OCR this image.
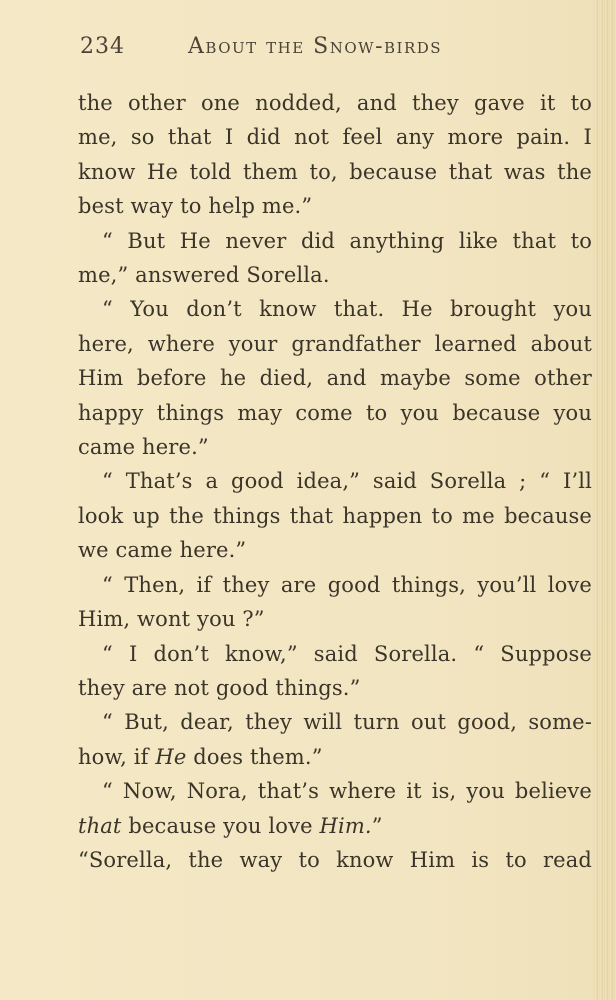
234	About the Snow-birds
the other one nodded, and they gave it to
me, so that I did not feel any more pain. I
know He told them to, because that was the
best way to help me.”
“ But He never did anything like that to
me,” answered Sorella.
“ You don’t know that. He brought you
here, where your grandfather learned about
Him before he died, and maybe some other
happy things may come to you because you
came here.”
“ That’s a good idea,” said Sorella ; “ I’ll
look up the things that happen to me because
we came here.”
“ Then, if they are good things, you’ll love
Him, wont you ?”
“ I don’t know,” said Sorella. “ Suppose
they are not good things.”
“ But, dear, they will turn out good, some-
how, if He does them.”
“ Now, Nora, that’s where it is, you believe
that because you love Him.”
“Sorella, the way to know Him is to read
